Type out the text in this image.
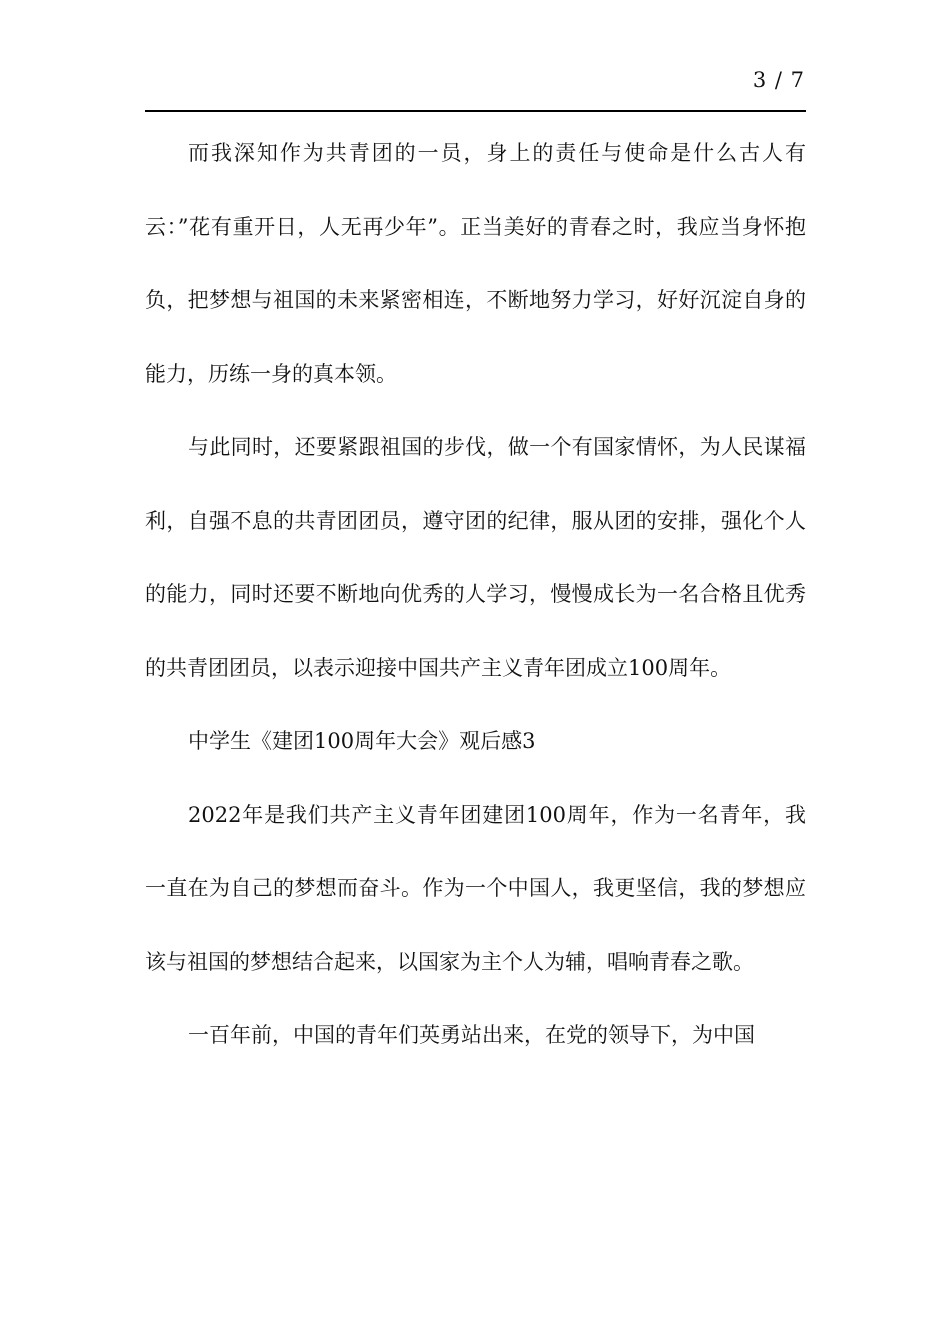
3 / 7

而我深知作为共青团的一员，身上的责任与使命是什么古人有云：”花有重开日，人无再少年”。正当美好的青春之时，我应当身怀抱负，把梦想与祖国的未来紧密相连，不断地努力学习，好好沉淀自身的能力，历练一身的真本领。

与此同时，还要紧跟祖国的步伐，做一个有国家情怀，为人民谋福利，自强不息的共青团团员，遵守团的纪律，服从团的安排，强化个人的能力，同时还要不断地向优秀的人学习，慢慢成长为一名合格且优秀的共青团团员，以表示迎接中国共产主义青年团成立100周年。

中学生《建团100周年大会》观后感3

2022年是我们共产主义青年团建团100周年，作为一名青年，我一直在为自己的梦想而奋斗。作为一个中国人，我更坚信，我的梦想应该与祖国的梦想结合起来，以国家为主个人为辅，唱响青春之歌。

一百年前，中国的青年们英勇站出来，在党的领导下，为中国
